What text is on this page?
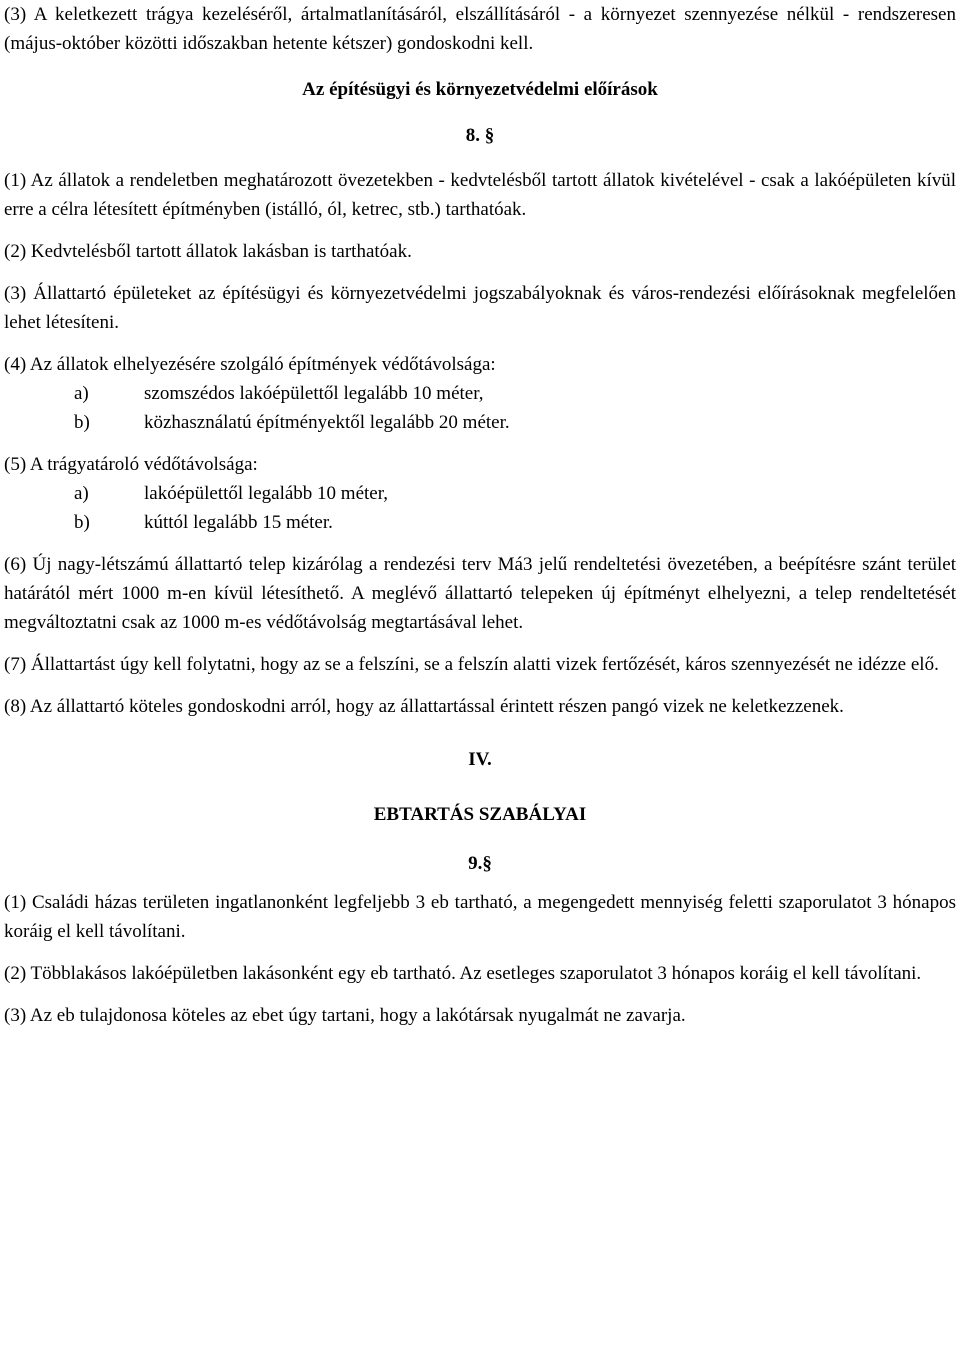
(3) A keletkezett trágya kezeléséről, ártalmatlanításáról, elszállításáról - a környezet szennyezése nélkül - rendszeresen (május-október közötti időszakban hetente kétszer) gondoskodni kell.

Az építésügyi és környezetvédelmi előírások
8. §

(1) Az állatok a rendeletben meghatározott övezetekben - kedvtelésből tartott állatok kivételével - csak a lakóépületen kívül erre a célra létesített építményben (istálló, ól, ketrec, stb.) tarthatóak.

(2) Kedvtelésből tartott állatok lakásban is tarthatóak.

(3) Állattartó épületeket az építésügyi és környezetvédelmi jogszabályoknak és város-rendezési előírásoknak megfelelően lehet létesíteni.

(4) Az állatok elhelyezésére szolgáló építmények védőtávolsága:

a)	szomszédos lakóépülettől legalább 10 méter,
b)	közhasználatú építményektől legalább 20 méter.

(5) A trágyatároló védőtávolsága:

a)	lakóépülettől legalább 10 méter,
b)	kúttól legalább 15 méter.

(6) Új nagy-létszámú állattartó telep kizárólag a rendezési terv Má3 jelű rendeltetési övezetében, a beépítésre szánt terület határától mért 1000 m-en kívül létesíthető. A meglévő állattartó telepeken új építményt elhelyezni, a telep rendeltetését megváltoztatni csak az 1000 m-es védőtávolság megtartásával lehet.

(7) Állattartást úgy kell folytatni, hogy az se a felszíni, se a felszín alatti vizek fertőzését, káros szennyezését ne idézze elő.

(8) Az állattartó köteles gondoskodni arról, hogy az állattartással érintett részen pangó vizek ne keletkezzenek.

IV.
EBTARTÁS SZABÁLYAI
9.§

(1) Családi házas területen ingatlanonként legfeljebb 3 eb tartható, a megengedett mennyiség feletti szaporulatot 3 hónapos koráig el kell távolítani.

(2) Többlakásos lakóépületben lakásonként egy eb tartható. Az esetleges szaporulatot 3 hónapos koráig el kell távolítani.

(3) Az eb tulajdonosa köteles az ebet úgy tartani, hogy a lakótársak nyugalmát ne zavarja.
